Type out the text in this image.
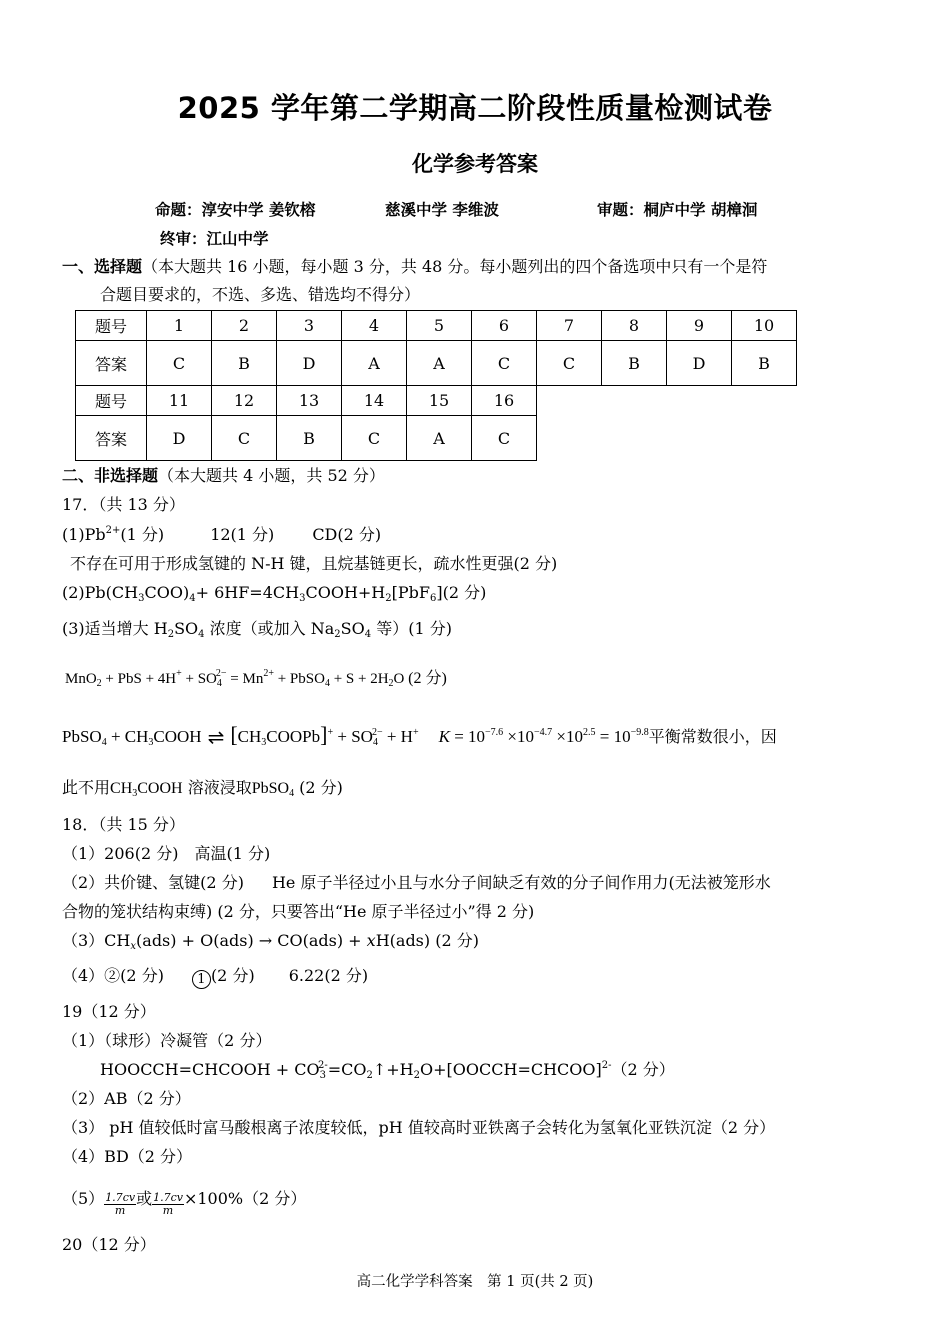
2025 学年第二学期高二阶段性质量检测试卷
化学参考答案
命题：淳安中学 姜钦榕	慈溪中学 李维波	审题：桐庐中学 胡樟洄
终审：江山中学
一、选择题（本大题共 16 小题，每小题 3 分，共 48 分。每小题列出的四个备选项中只有一个是符
合题目要求的，不选、多选、错选均不得分）
题号	1	2	3	4	5	6	7	8	9	10
答案	C	B	D	A	A	C	C	B	D	B
题号	11	12	13	14	15	16				
答案	D	C	B	C	A	C				
二、非选择题（本大题共 4 小题，共 52 分）
17．（共 13 分）
$(1)Pb^{2+}(1$ 分)	12(1 分) CD(2 分)
不存在可用于形成氢键的 N-H 键，且烷基链更长，疏水性更强(2 分)
$(2)Pb(CH_3COO)_4+$ $6HF=4CH_3COOH+H_2[PbF_6](2$ 分)
(3)适当增大 $H_2SO_4$ 浓度（或加入 $Na_2SO_4$ 等）(1 分)
MnO$_2$ + PbS + $4H^+ + SO_4^{2-} = Mn^{2+}$ + PbSO$_4$ + $S + 2H_2O$ (2 分)
PbSO$_4$ + $CH_3COOH$ ⇌ $[CH_3COOPb]^+ + SO_4^{2-} + H^+$ $K = 10^{-7.6} \times 10^{-4.7} \times 10^{2.5} = 10^{-9.8}$平衡常数很小，因
此不用$CH_3COOH$ 溶液浸取PbSO$_4$ (2 分)
18．（共 15 分）
（1）206(2 分)　高温(1 分)
（2）共价键、氢键(2 分) He 原子半径过小且与水分子间缺乏有效的分子间作用力(无法被笼形水
合物的笼状结构束缚) (2 分，只要答出“He 原子半径过小”得 2 分)
$(3)CH_x(ads) + O(ads) \to CO(ads) + xH(ads)$ (2 分)
（4）②(2 分)	1 (2 分) 6.22(2 分)
19（12 分）
（1）（球形）冷凝管（2 分）
HOOCCH=CHCOOH + $CO_3^{2-}=CO_2↑+H_2O+[OOCCH=CHCOO]^{2-}(2$ 分）
（2）AB（2 分）
（3） pH 值较低时富马酸根离子浓度较低，pH 值较高时亚铁离子会转化为氢氧化亚铁沉淀（2 分）
（4）BD（2 分）
$(5) \frac{1.7cv}{m}$ 或 $\frac{1.7cv}{m} \times 100\%(2$ 分）
20（12 分）
高二化学学科答案　第 1 页(共 2 页)
